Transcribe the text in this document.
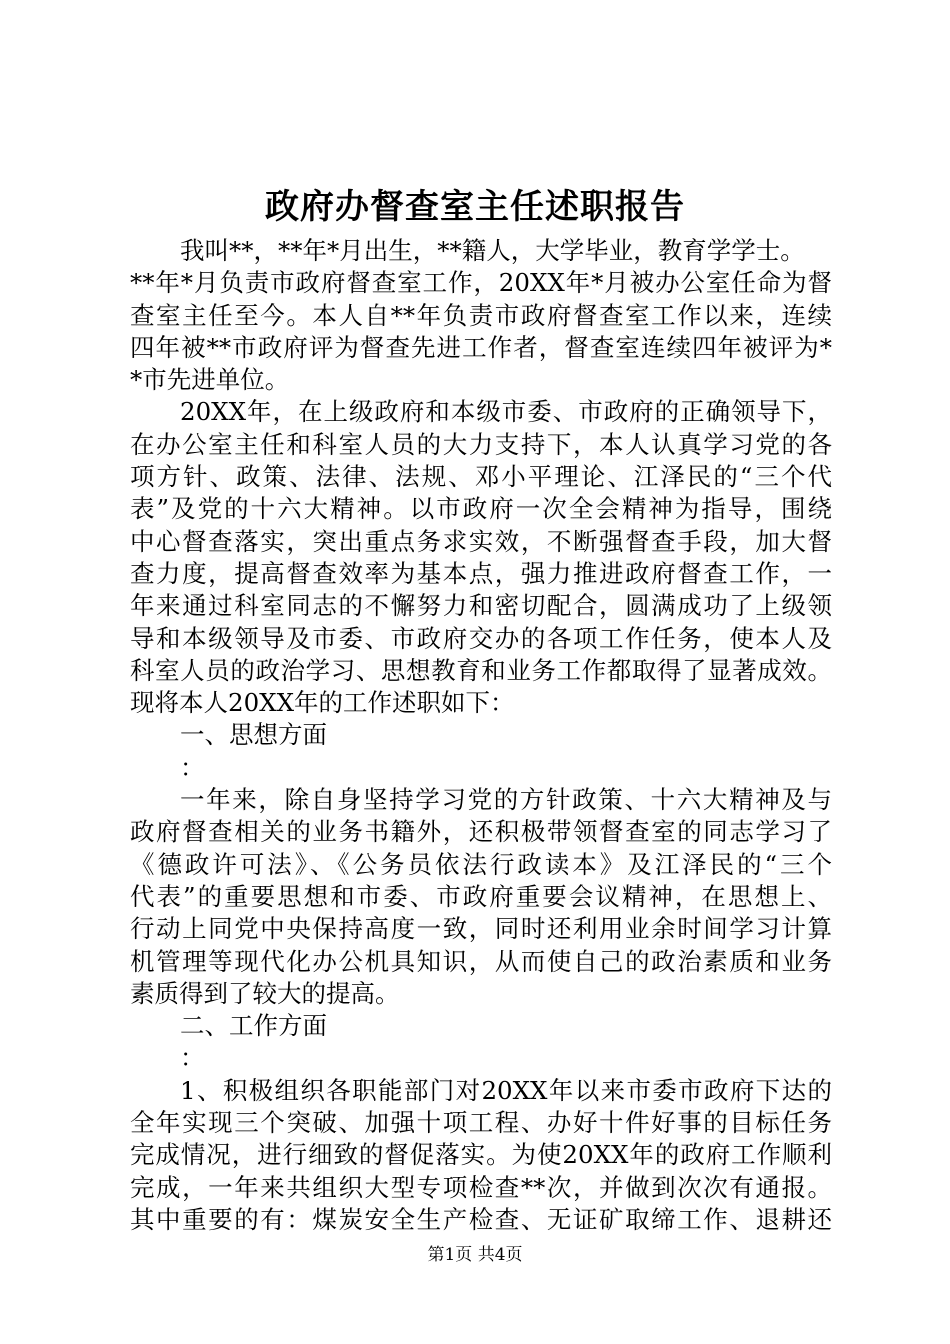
政府办督查室主任述职报告
我叫**，**年*月出生，**籍人，大学毕业，教育学学士。
**年*月负责市政府督查室工作，20XX年*月被办公室任命为督
查室主任至今。本人自**年负责市政府督查室工作以来，连续
四年被**市政府评为督查先进工作者，督查室连续四年被评为*
*市先进单位。
20XX年，在上级政府和本级市委、市政府的正确领导下，
在办公室主任和科室人员的大力支持下，本人认真学习党的各
项方针、政策、法律、法规、邓小平理论、江泽民的“三个代
表”及党的十六大精神。以市政府一次全会精神为指导，围绕
中心督查落实，突出重点务求实效，不断强督查手段，加大督
查力度，提高督查效率为基本点，强力推进政府督查工作，一
年来通过科室同志的不懈努力和密切配合，圆满成功了上级领
导和本级领导及市委、市政府交办的各项工作任务，使本人及
科室人员的政治学习、思想教育和业务工作都取得了显著成效。
现将本人20XX年的工作述职如下：
一、思想方面
：
一年来，除自身坚持学习党的方针政策、十六大精神及与
政府督查相关的业务书籍外，还积极带领督查室的同志学习了
《德政许可法》、《公务员依法行政读本》及江泽民的“三个
代表”的重要思想和市委、市政府重要会议精神，在思想上、
行动上同党中央保持高度一致，同时还利用业余时间学习计算
机管理等现代化办公机具知识，从而使自己的政治素质和业务
素质得到了较大的提高。
二、工作方面
：
1、积极组织各职能部门对20XX年以来市委市政府下达的
全年实现三个突破、加强十项工程、办好十件好事的目标任务
完成情况，进行细致的督促落实。为使20XX年的政府工作顺利
完成，一年来共组织大型专项检查**次，并做到次次有通报。
其中重要的有：煤炭安全生产检查、无证矿取缔工作、退耕还
第1页 共4页
